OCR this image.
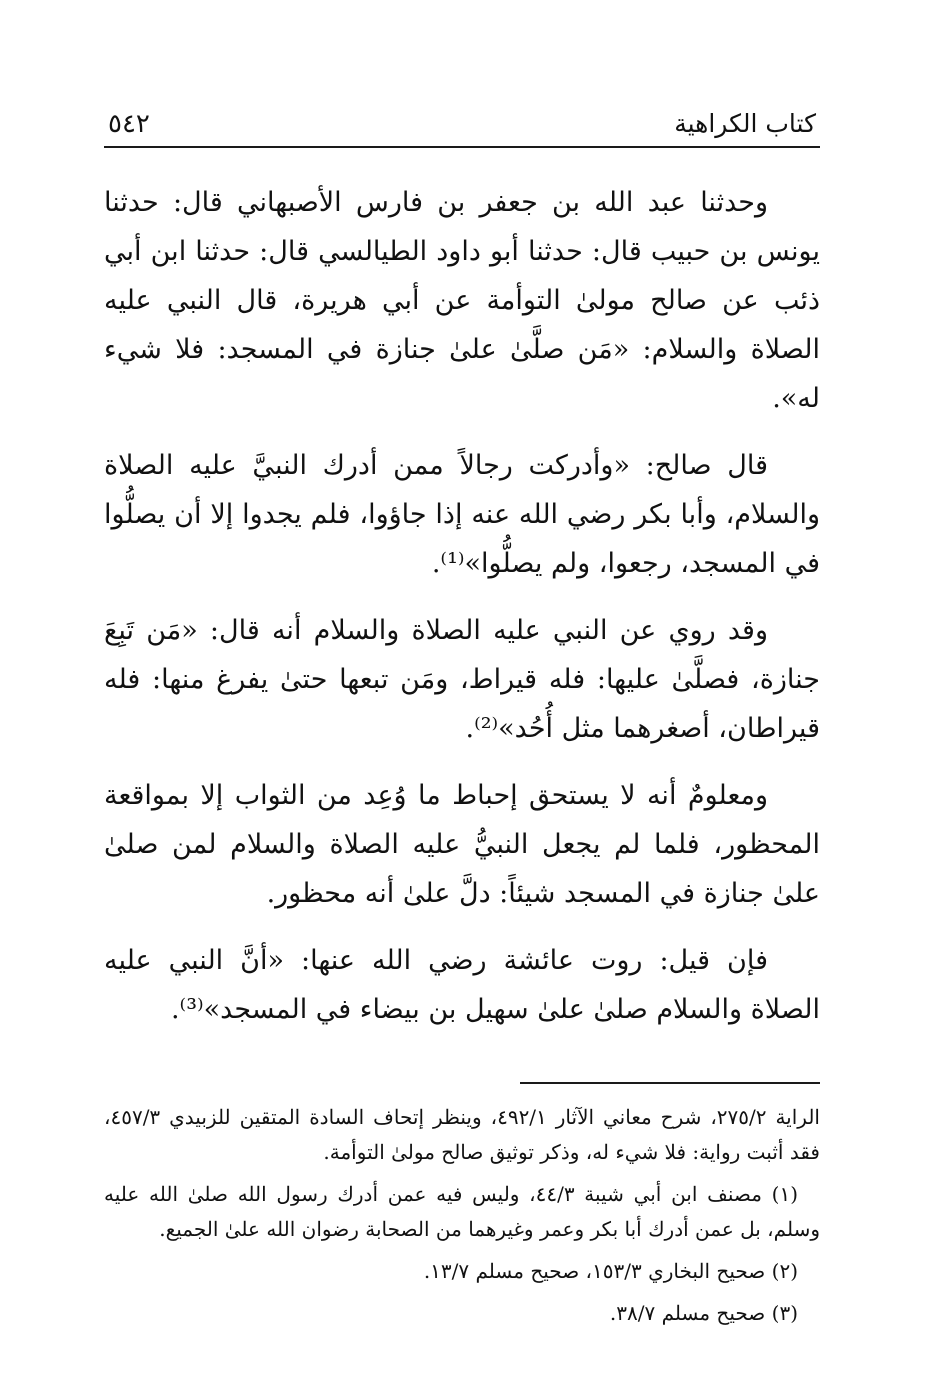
كتاب الكراهية
٥٤٢

وحدثنا عبد الله بن جعفر بن فارس الأصبهاني قال: حدثنا يونس بن حبيب قال: حدثنا أبو داود الطيالسي قال: حدثنا ابن أبي ذئب عن صالح مولىٰ التوأمة عن أبي هريرة، قال النبي عليه الصلاة والسلام: «مَن صلَّىٰ علىٰ جنازة في المسجد: فلا شيء له».

قال صالح: «وأدركت رجالاً ممن أدرك النبيَّ عليه الصلاة والسلام، وأبا بكر رضي الله عنه إذا جاؤوا، فلم يجدوا إلا أن يصلُّوا في المسجد، رجعوا، ولم يصلُّوا»⁽¹⁾.

وقد روي عن النبي عليه الصلاة والسلام أنه قال: «مَن تَبِعَ جنازة، فصلَّىٰ عليها: فله قيراط، ومَن تبعها حتىٰ يفرغ منها: فله قيراطان، أصغرهما مثل أُحُد»⁽²⁾.

ومعلومٌ أنه لا يستحق إحباط ما وُعِد من الثواب إلا بمواقعة المحظور، فلما لم يجعل النبيُّ عليه الصلاة والسلام لمن صلىٰ علىٰ جنازة في المسجد شيئاً: دلَّ علىٰ أنه محظور.

فإن قيل: روت عائشة رضي الله عنها: «أنَّ النبي عليه الصلاة والسلام صلىٰ علىٰ سهيل بن بيضاء في المسجد»⁽³⁾.

الراية ٢٧٥/٢، شرح معاني الآثار ٤٩٢/١، وينظر إتحاف السادة المتقين للزبيدي ٤٥٧/٣، فقد أثبت رواية: فلا شيء له، وذكر توثيق صالح مولىٰ التوأمة.

(١) مصنف ابن أبي شيبة ٤٤/٣، وليس فيه عمن أدرك رسول الله صلىٰ الله عليه وسلم، بل عمن أدرك أبا بكر وعمر وغيرهما من الصحابة رضوان الله علىٰ الجميع.

(٢) صحيح البخاري ١٥٣/٣، صحيح مسلم ١٣/٧.

(٣) صحيح مسلم ٣٨/٧.
